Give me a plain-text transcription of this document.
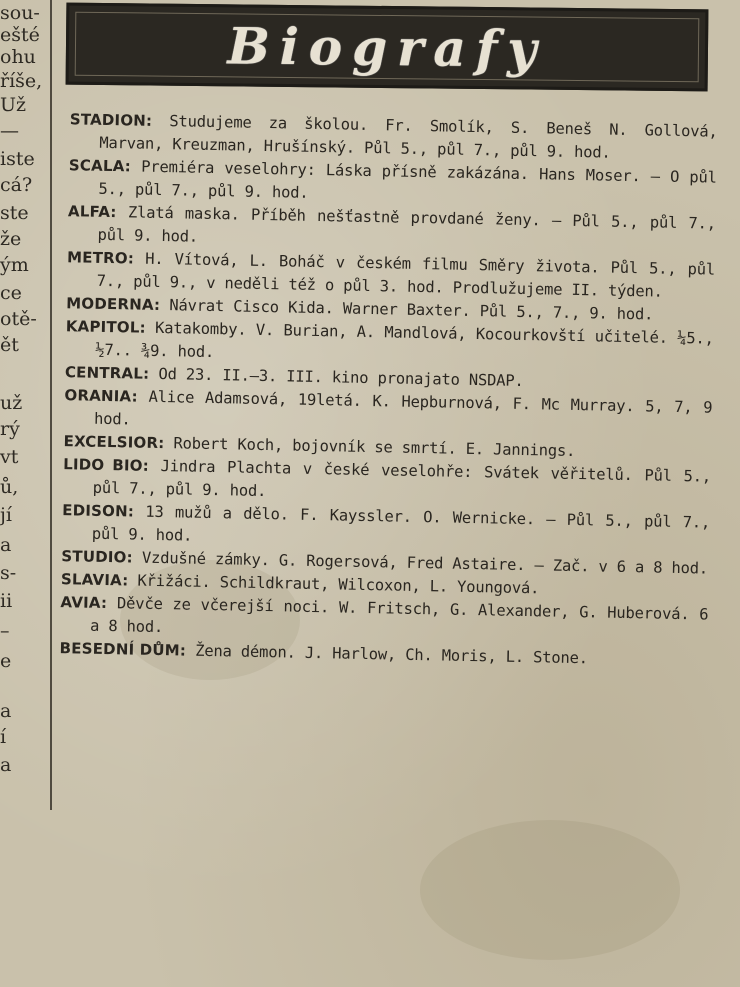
sou-
ešté
ohu
říše,
Už
—
iste
cá?
ste
že
ým
ce
otě-
ět
už
rý
vt
ů,
jí
a
s-
ii
–
e
a
í
a
Biografy

STADION: Studujeme za školou. Fr. Smolík, S. Beneš N. Gollová, Marvan, Kreuzman, Hrušínský. Půl 5., půl 7., půl 9. hod.

SCALA: Premiéra veselohry: Láska přísně zakázána. Hans Moser. — O půl 5., půl 7., půl 9. hod.

ALFA: Zlatá maska. Příběh nešťastně provdané ženy. — Půl 5., půl 7., půl 9. hod.

METRO: H. Vítová, L. Boháč v českém filmu Směry života. Půl 5., půl 7., půl 9., v neděli též o půl 3. hod. Prodlužujeme II. týden.

MODERNA: Návrat Cisco Kida. Warner Baxter. Půl 5., 7., 9. hod.

KAPITOL: Katakomby. V. Burian, A. Mandlová, Kocourkovští učitelé. ¼5., ½7.. ¾9. hod.

CENTRAL: Od 23. II.—3. III. kino pronajato NSDAP.

ORANIA: Alice Adamsová, 19letá. K. Hepburnová, F. Mc Murray. 5, 7, 9 hod.

EXCELSIOR: Robert Koch, bojovník se smrtí. E. Jannings.

LIDO BIO: Jindra Plachta v české veselohře: Svátek věřitelů. Půl 5., půl 7., půl 9. hod.

EDISON: 13 mužů a dělo. F. Kayssler. O. Wernicke. — Půl 5., půl 7., půl 9. hod.

STUDIO: Vzdušné zámky. G. Rogersová, Fred Astaire. — Zač. v 6 a 8 hod.

SLAVIA: Křižáci. Schildkraut, Wilcoxon, L. Youngová.

AVIA: Děvče ze včerejší noci. W. Fritsch, G. Alexander, G. Huberová. 6 a 8 hod.

BESEDNÍ DŮM: Žena démon. J. Harlow, Ch. Moris, L. Stone.
